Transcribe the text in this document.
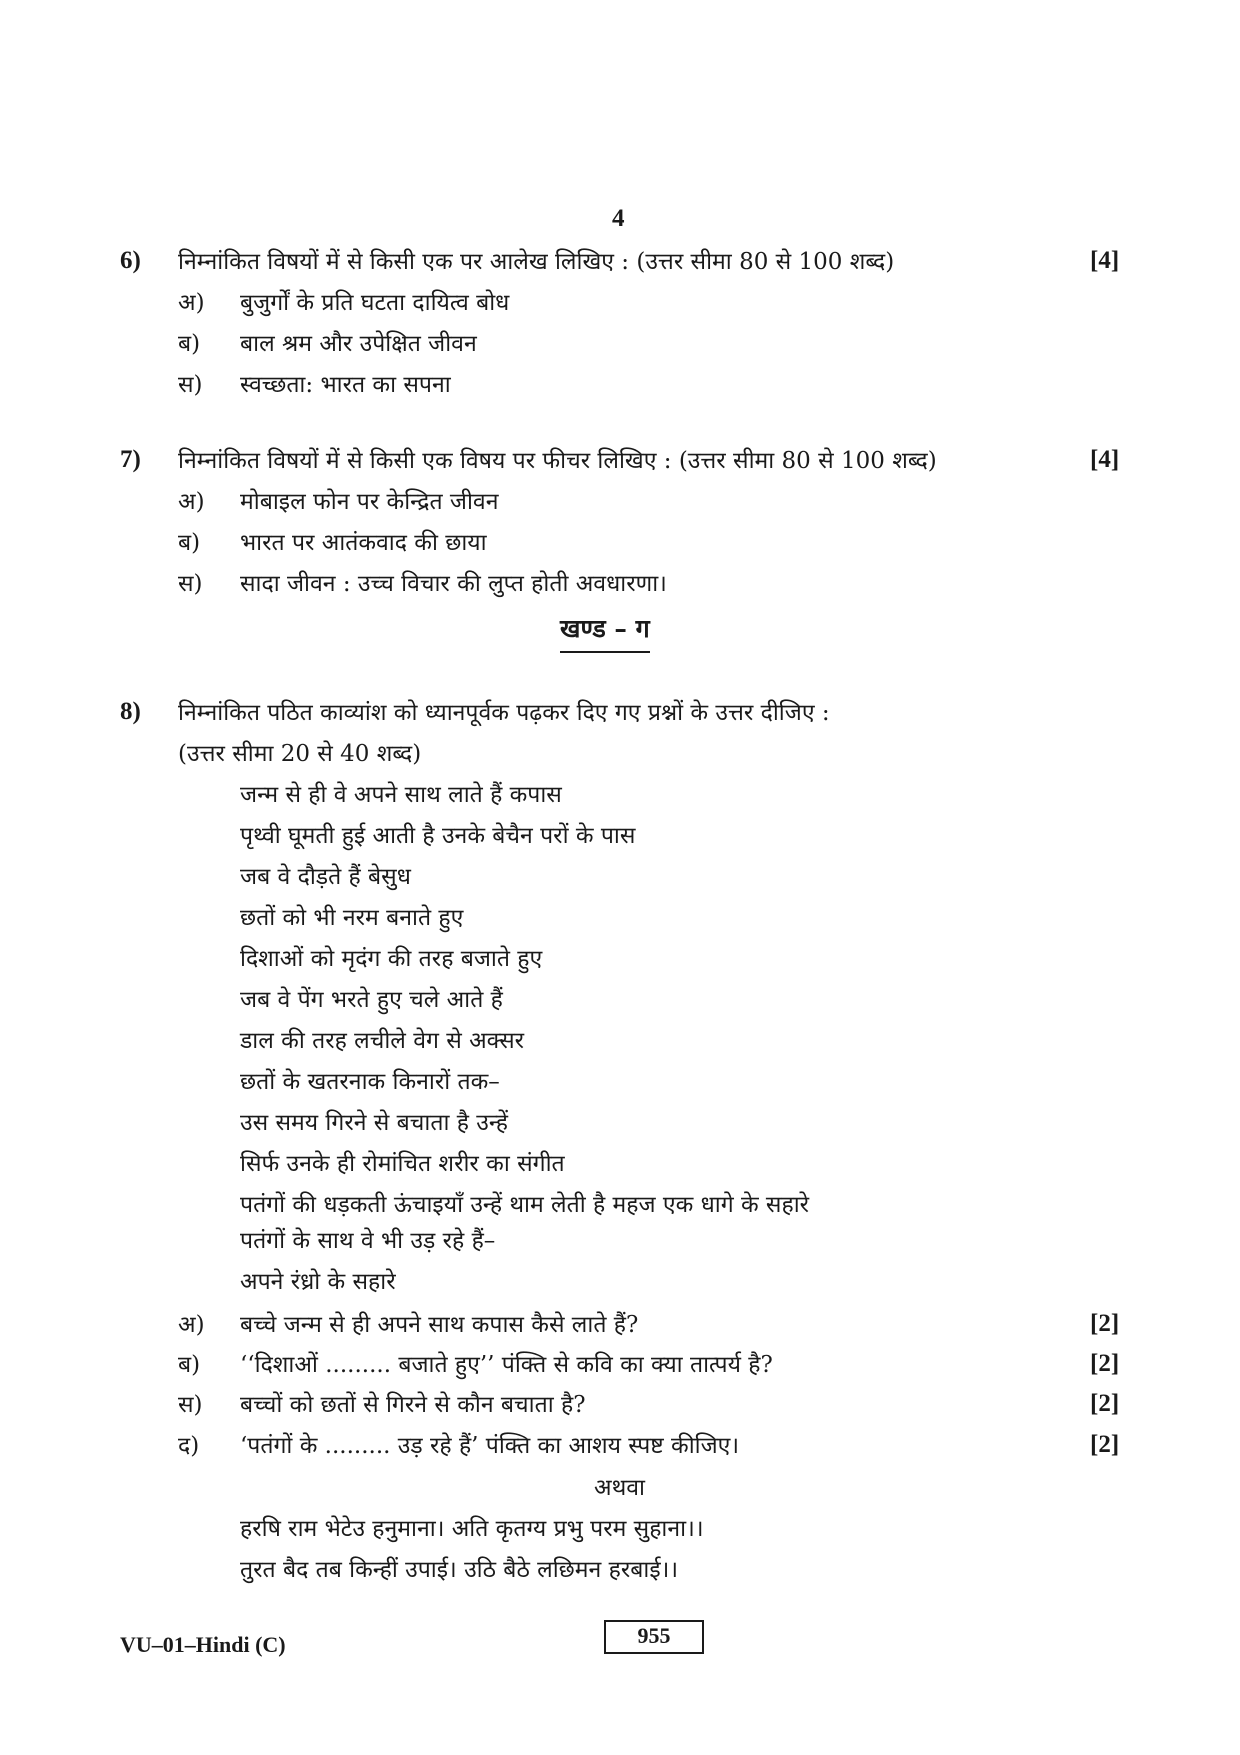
4
6) निम्नांकित विषयों में से किसी एक पर आलेख लिखिए : (उत्तर सीमा 80 से 100 शब्द)	[4]
अ) बुजुर्गों के प्रति घटता दायित्व बोध
ब) बाल श्रम और उपेक्षित जीवन
स) स्वच्छता: भारत का सपना
7) निम्नांकित विषयों में से किसी एक विषय पर फीचर लिखिए : (उत्तर सीमा 80 से 100 शब्द)	[4]
अ) मोबाइल फोन पर केन्द्रित जीवन
ब) भारत पर आतंकवाद की छाया
स) सादा जीवन : उच्च विचार की लुप्त होती अवधारणा।
खण्ड – ग
8) निम्नांकित पठित काव्यांश को ध्यानपूर्वक पढ़कर दिए गए प्रश्नों के उत्तर दीजिए :
(उत्तर सीमा 20 से 40 शब्द)
जन्म से ही वे अपने साथ लाते हैं कपास
पृथ्वी घूमती हुई आती है उनके बेचैन परों के पास
जब वे दौड़ते हैं बेसुध
छतों को भी नरम बनाते हुए
दिशाओं को मृदंग की तरह बजाते हुए
जब वे पेंग भरते हुए चले आते हैं
डाल की तरह लचीले वेग से अक्सर
छतों के खतरनाक किनारों तक–
उस समय गिरने से बचाता है उन्हें
सिर्फ उनके ही रोमांचित शरीर का संगीत
पतंगों की धड़कती ऊंचाइयाँ उन्हें थाम लेती है महज एक धागे के सहारे
पतंगों के साथ वे भी उड़ रहे हैं–
अपने रंध्रो के सहारे
अ) बच्चे जन्म से ही अपने साथ कपास कैसे लाते हैं?	[2]
ब) ‘‘दिशाओं ......... बजाते हुए’’ पंक्ति से कवि का क्या तात्पर्य है?	[2]
स) बच्चों को छतों से गिरने से कौन बचाता है?	[2]
द) ‘पतंगों के ......... उड़ रहे हैं’ पंक्ति का आशय स्पष्ट कीजिए।	[2]
अथवा
हरषि राम भेटेउ हनुमाना। अति कृतग्य प्रभु परम सुहाना।।
तुरत बैद तब किन्हीं उपाई। उठि बैठे लछिमन हरबाई।।
VU–01–Hindi (C)	955
